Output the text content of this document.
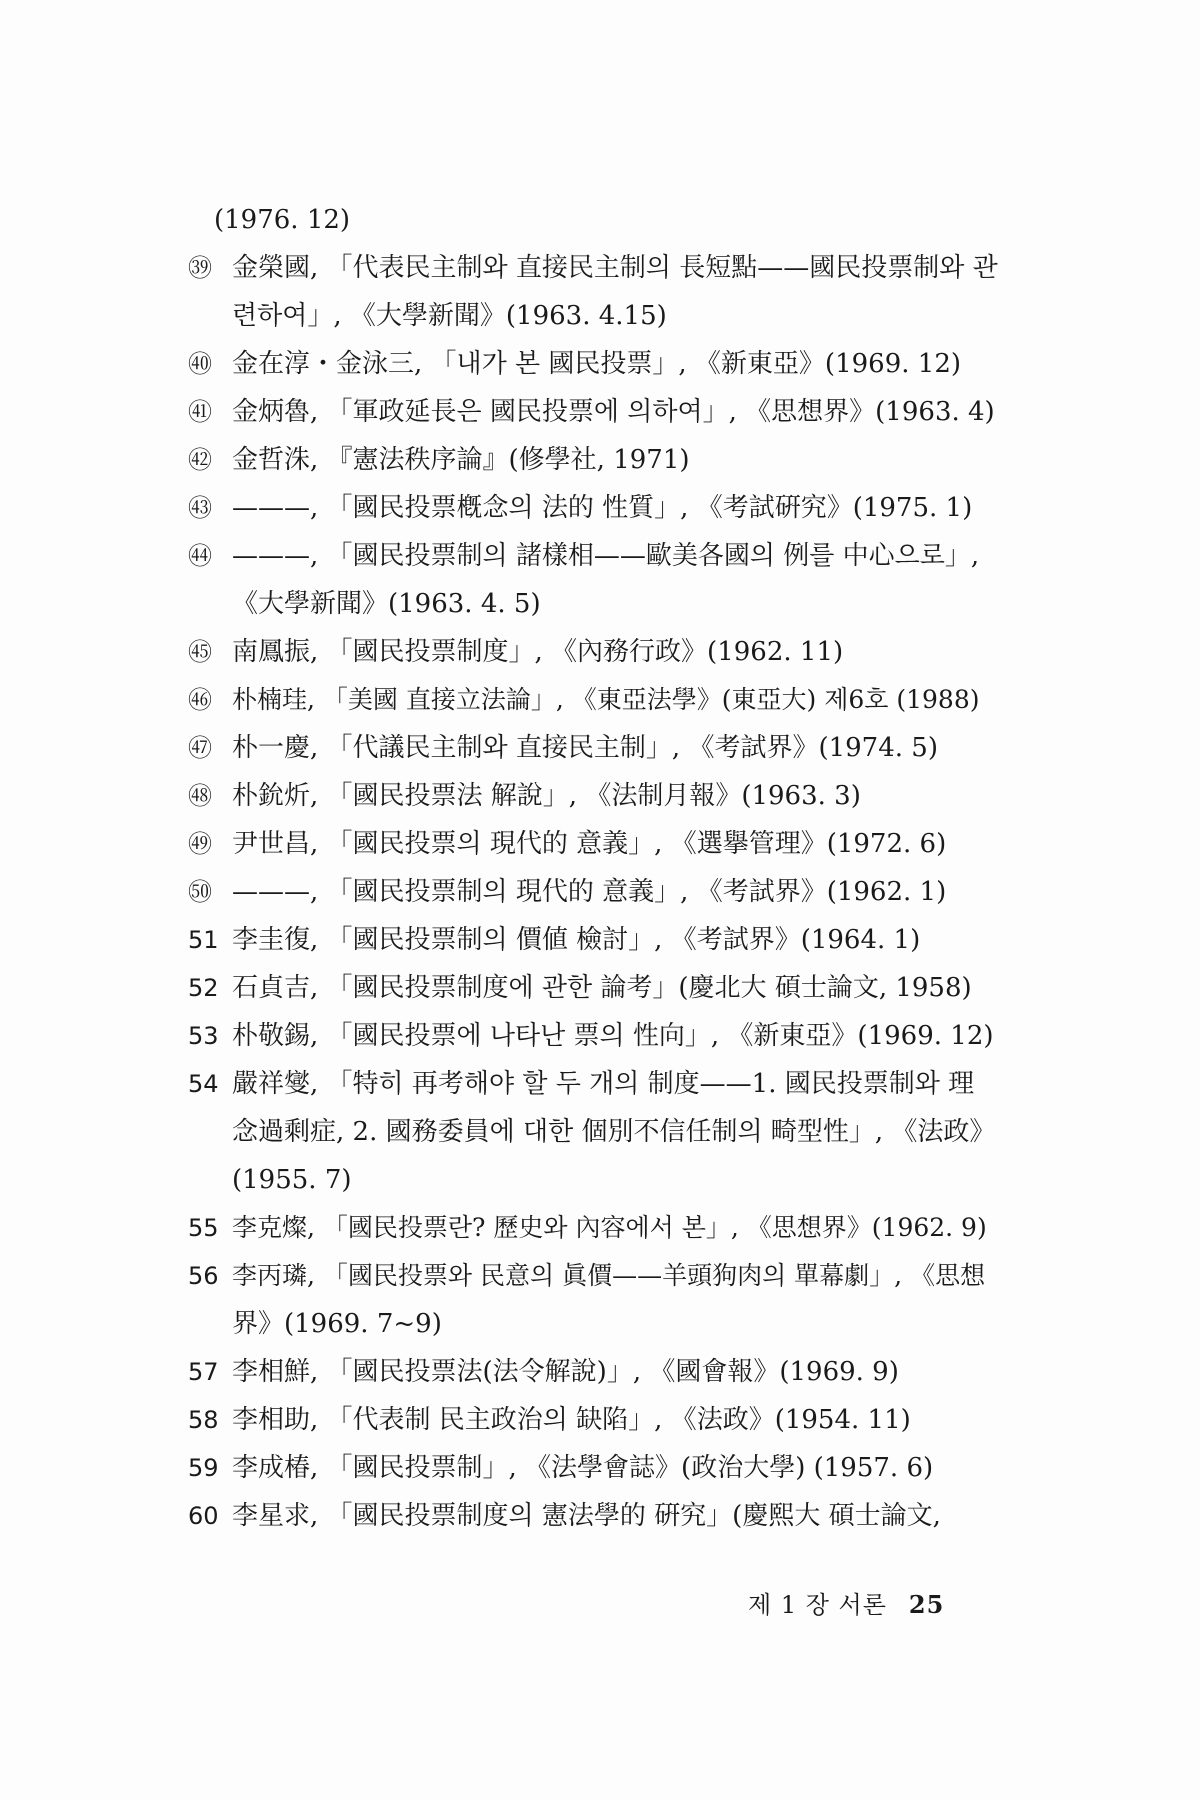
(1976. 12)
㊴ 金榮國, 「代表民主制와 直接民主制의 長短點——國民投票制와 관
련하여」, 《大學新聞》(1963. 4.15)
㊵ 金在淳・金泳三, 「내가 본 國民投票」, 《新東亞》(1969. 12)
㊶ 金炳魯, 「軍政延長은 國民投票에 의하여」, 《思想界》(1963. 4)
㊷ 金哲洙, 『憲法秩序論』(修學社, 1971)
㊸ ———, 「國民投票槪念의 法的 性質」, 《考試硏究》(1975. 1)
㊹ ———, 「國民投票制의 諸樣相——歐美各國의 例를 中心으로」,
《大學新聞》(1963. 4. 5)
㊺ 南鳳振, 「國民投票制度」, 《內務行政》(1962. 11)
㊻ 朴楠珪, 「美國 直接立法論」, 《東亞法學》(東亞大) 제6호 (1988)
㊼ 朴一慶, 「代議民主制와 直接民主制」, 《考試界》(1974. 5)
㊽ 朴鈗炘, 「國民投票法 解說」, 《法制月報》(1963. 3)
㊾ 尹世昌, 「國民投票의 現代的 意義」, 《選擧管理》(1972. 6)
㊿ ———, 「國民投票制의 現代的 意義」, 《考試界》(1962. 1)
51 李圭復, 「國民投票制의 價値 檢討」, 《考試界》(1964. 1)
52 石貞吉, 「國民投票制度에 관한 論考」(慶北大 碩士論文, 1958)
53 朴敬錫, 「國民投票에 나타난 票의 性向」, 《新東亞》(1969. 12)
54 嚴祥燮, 「特히 再考해야 할 두 개의 制度——1. 國民投票制와 理
念過剩症, 2. 國務委員에 대한 個別不信任制의 畸型性」, 《法政》
(1955. 7)
55 李克燦, 「國民投票란? 歷史와 內容에서 본」, 《思想界》(1962. 9)
56 李丙璘, 「國民投票와 民意의 眞價——羊頭狗肉의 單幕劇」, 《思想
界》(1969. 7~9)
57 李相鮮, 「國民投票法(法令解說)」, 《國會報》(1969. 9)
58 李相助, 「代表制 民主政治의 缺陷」, 《法政》(1954. 11)
59 李成椿, 「國民投票制」, 《法學會誌》(政治大學) (1957. 6)
60 李星求, 「國民投票制度의 憲法學的 硏究」(慶熙大 碩士論文,
제 1 장 서론 25
